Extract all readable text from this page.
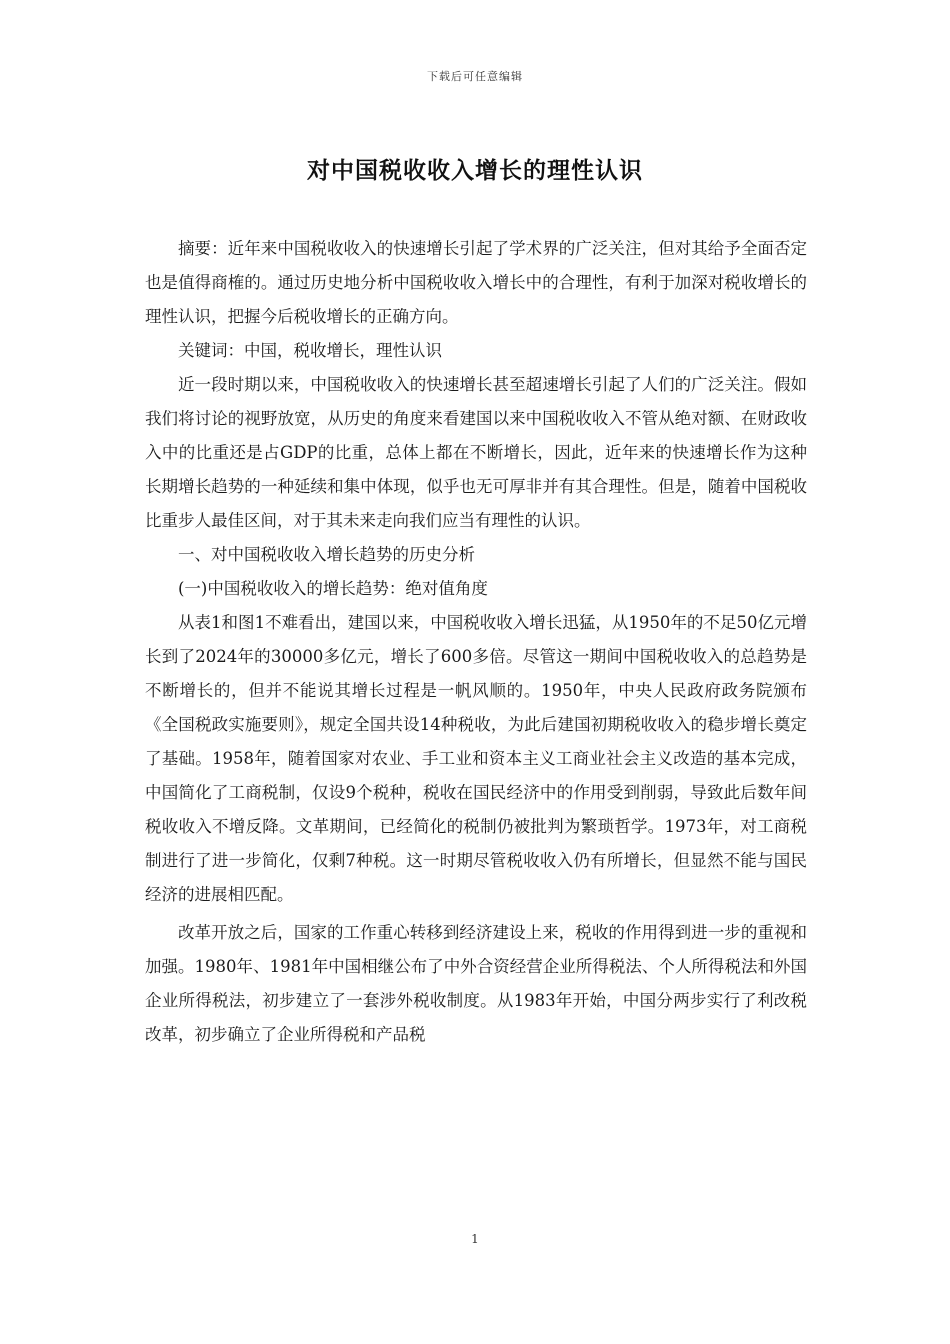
下载后可任意编辑
对中国税收收入增长的理性认识

摘要：近年来中国税收收入的快速增长引起了学术界的广泛关注，但对其给予全面否定也是值得商榷的。通过历史地分析中国税收收入增长中的合理性，有利于加深对税收增长的理性认识，把握今后税收增长的正确方向。

关键词：中国，税收增长，理性认识

近一段时期以来，中国税收收入的快速增长甚至超速增长引起了人们的广泛关注。假如我们将讨论的视野放宽，从历史的角度来看建国以来中国税收收入不管从绝对额、在财政收入中的比重还是占GDP的比重，总体上都在不断增长，因此，近年来的快速增长作为这种长期增长趋势的一种延续和集中体现，似乎也无可厚非并有其合理性。但是，随着中国税收比重步人最佳区间，对于其未来走向我们应当有理性的认识。

一、对中国税收收入增长趋势的历史分析

(一)中国税收收入的增长趋势：绝对值角度

从表1和图1不难看出，建国以来，中国税收收入增长迅猛，从1950年的不足50亿元增长到了2024年的30000多亿元，增长了600多倍。尽管这一期间中国税收收入的总趋势是不断增长的，但并不能说其增长过程是一帆风顺的。1950年，中央人民政府政务院颁布《全国税政实施要则》，规定全国共设14种税收，为此后建国初期税收收入的稳步增长奠定了基础。1958年，随着国家对农业、手工业和资本主义工商业社会主义改造的基本完成，中国简化了工商税制，仅设9个税种，税收在国民经济中的作用受到削弱，导致此后数年间税收收入不增反降。文革期间，已经简化的税制仍被批判为繁琐哲学。1973年，对工商税制进行了进一步简化，仅剩7种税。这一时期尽管税收收入仍有所增长，但显然不能与国民经济的进展相匹配。

改革开放之后，国家的工作重心转移到经济建设上来，税收的作用得到进一步的重视和加强。1980年、1981年中国相继公布了中外合资经营企业所得税法、个人所得税法和外国企业所得税法，初步建立了一套涉外税收制度。从1983年开始，中国分两步实行了利改税改革，初步确立了企业所得税和产品税

1
